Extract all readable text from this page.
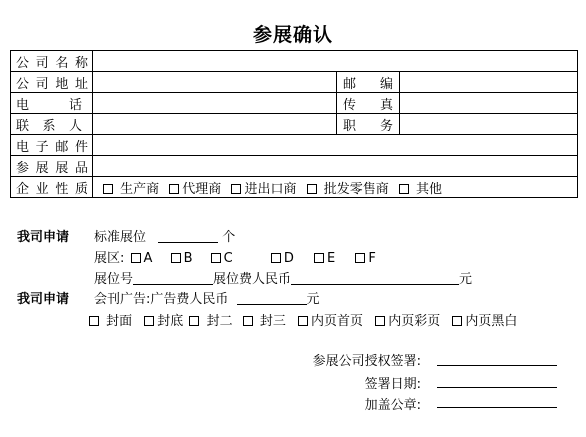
参展确认
公司名称			

公司地址		邮 编	

电 话		传 真	

联 系 人		职 务	

电子邮件			

参展展品			

企业性质	生产商 代理商 进出口商 批发零售商 其他		
我司申请 标准展位	个
展区: A B C	D	E	F
展位号	展位费人民币	元
我司申请 会刊广告:广告费人民币	元
封面 封底 封二 封三 内页首页 内页彩页 内页黑白
参展公司授权签署:
签署日期:
加盖公章:
